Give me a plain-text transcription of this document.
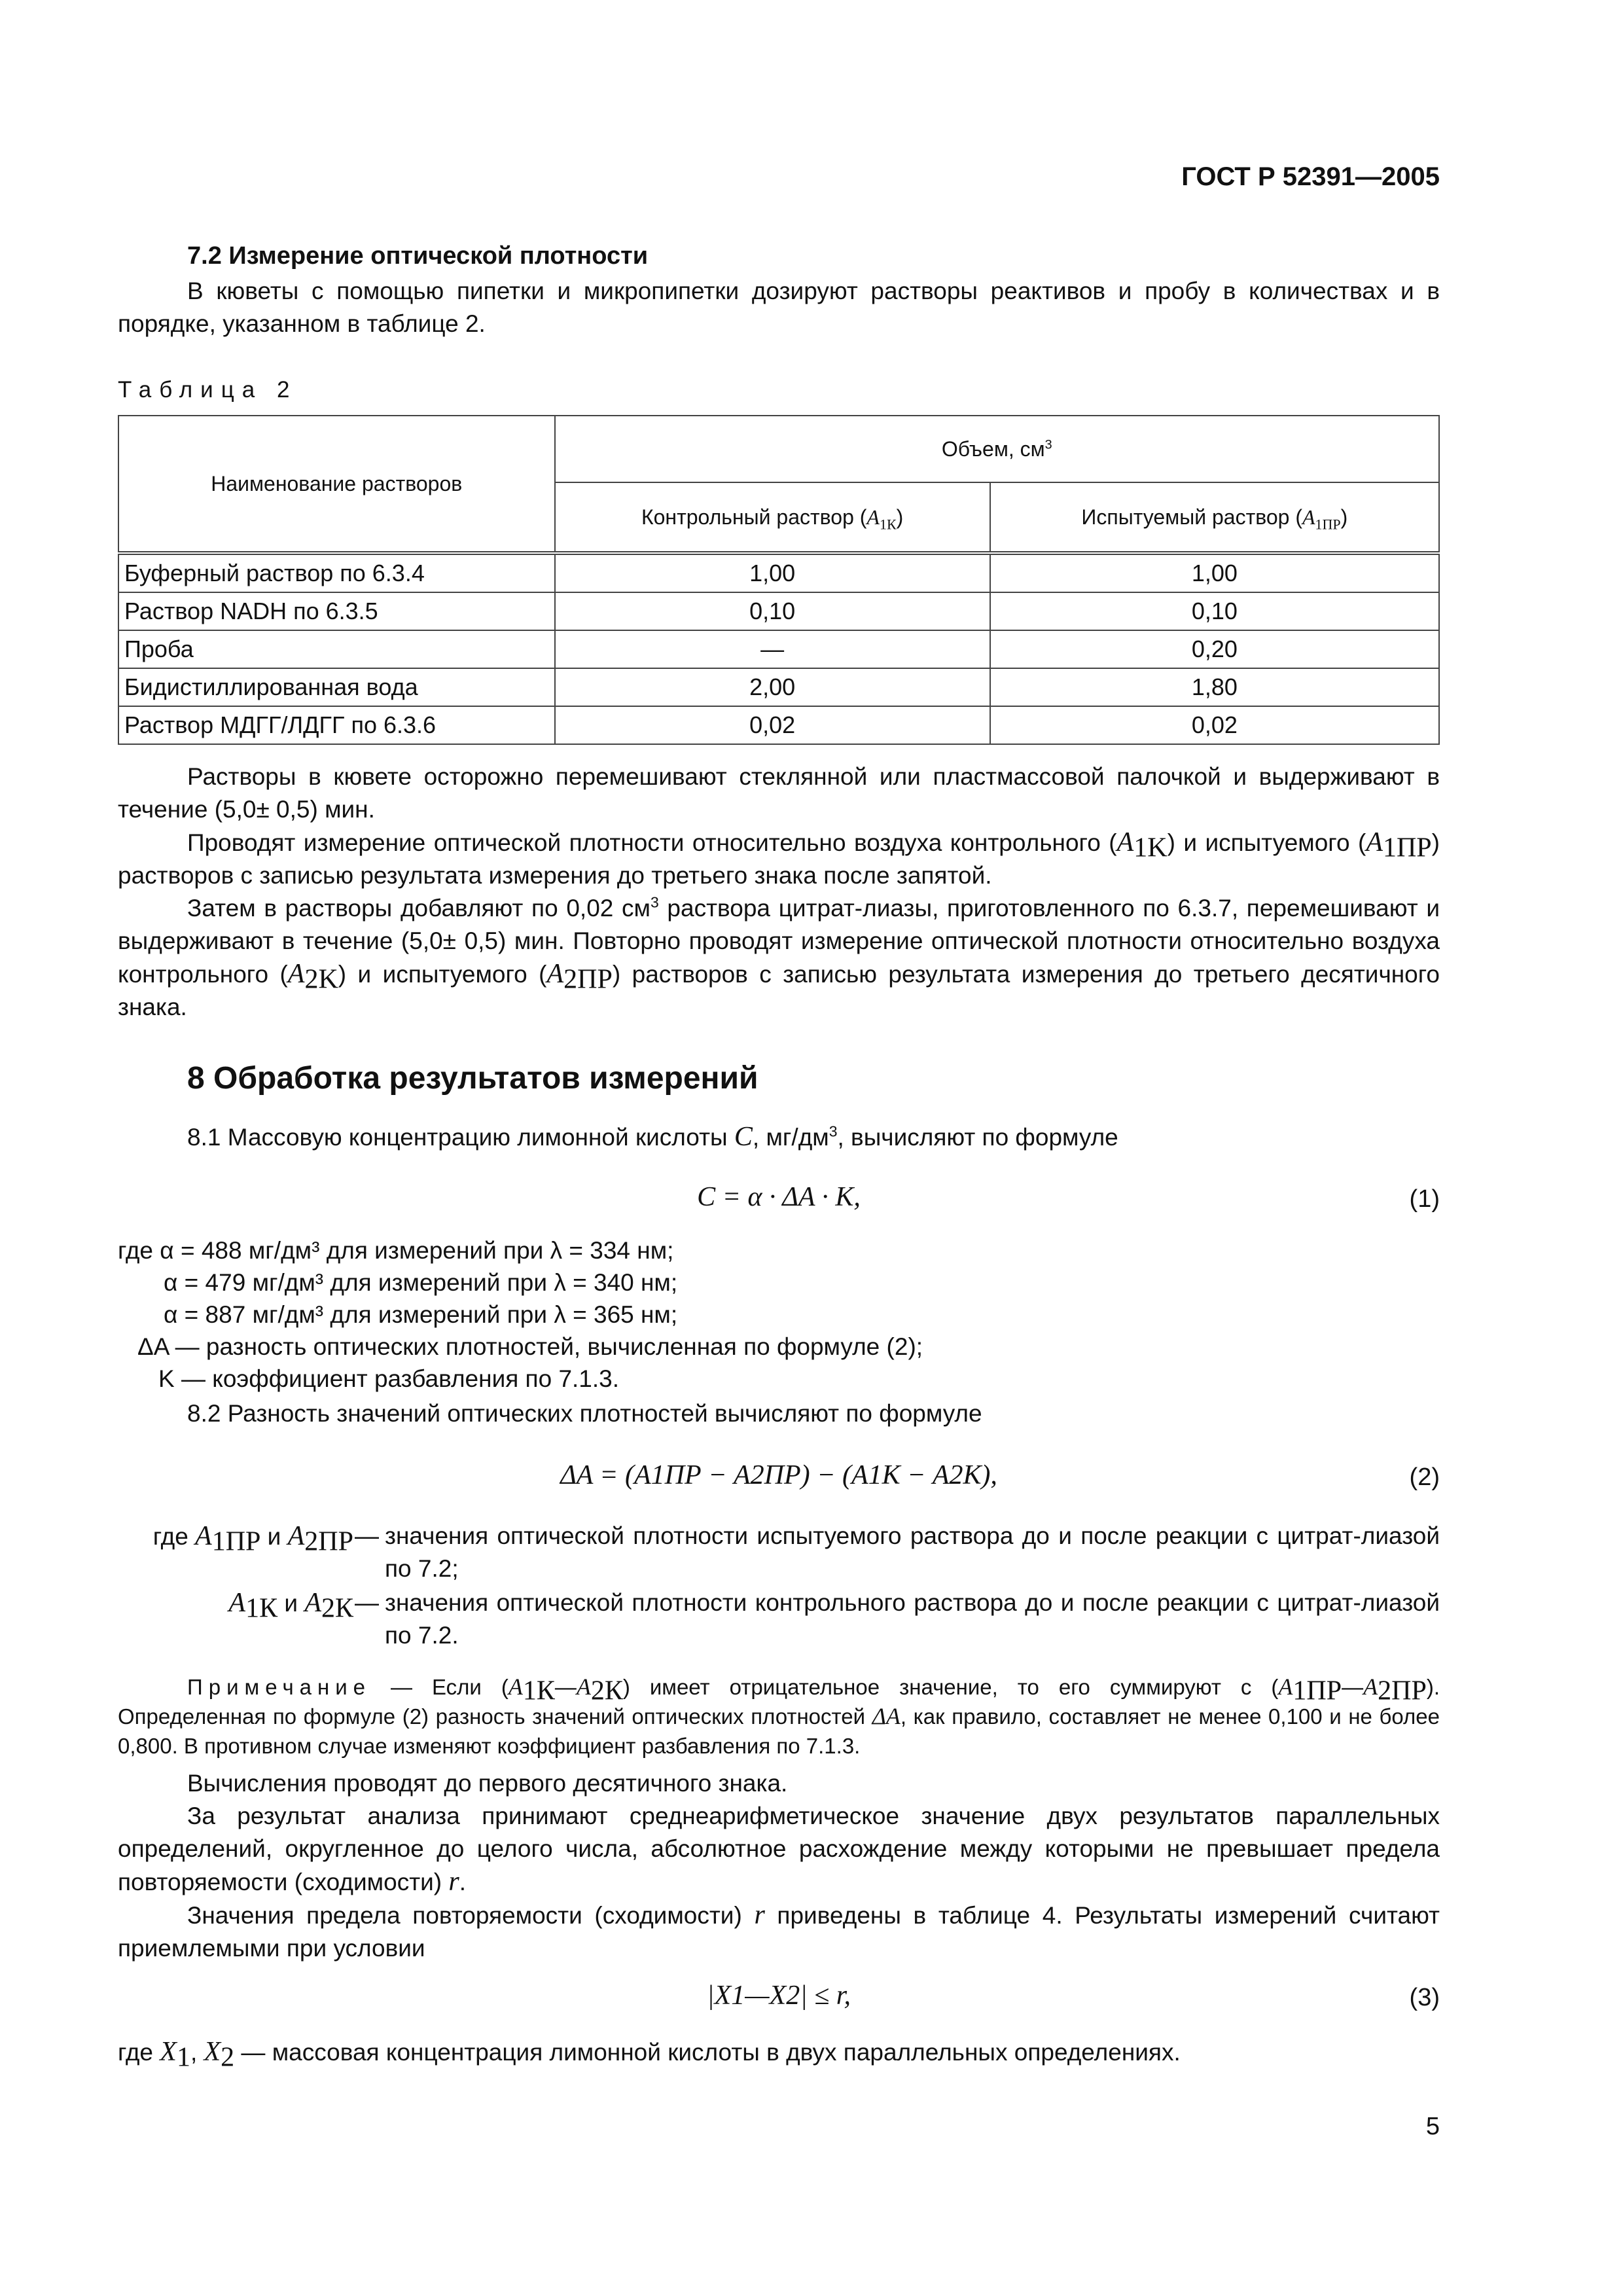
ГОСТ Р 52391—2005
7.2 Измерение оптической плотности

В кюветы с помощью пипетки и микропипетки дозируют растворы реактивов и пробу в количествах и в порядке, указанном в таблице 2.

Таблица 2
Наименование растворов	Объем, $см^3$
	Контрольный раствор $(A_{1К})$	Испытуемый раствор $(A_{1ПР})$
Буферный раствор по 6.3.4	1,00	1,00
Раствор NADH по 6.3.5	0,10	0,10
Проба	—	0,20
Бидистиллированная вода	2,00	1,80
Раствор МДГГ/ЛДГГ по 6.3.6	0,02	0,02

Растворы в кювете осторожно перемешивают стеклянной или пластмассовой палочкой и выдерживают в течение (5,0± 0,5) мин.

Проводят измерение оптической плотности относительно воздуха контрольного $(A_{1K})$ и испытуемого $(A_{1ПР})$ растворов с записью результата измерения до третьего знака после запятой.

Затем в растворы добавляют по 0,02 $см^3$ раствора цитрат-лиазы, приготовленного по 6.3.7, перемешивают и выдерживают в течение (5,0± 0,5) мин. Повторно проводят измерение оптической плотности относительно воздуха контрольного $(A_{2K})$ и испытуемого $(A_{2ПР})$ растворов с записью результата измерения до третьего десятичного знака.

8 Обработка результатов измерений

8.1 Массовую концентрацию лимонной кислоты C, $мг/дм^3$, вычисляют по формуле

C = α · ΔA · K,	(1)
где α = 488 мг/дм³ для измерений при λ = 334 нм;
α = 479 мг/дм³ для измерений при λ = 340 нм;
α = 887 мг/дм³ для измерений при λ = 365 нм;
ΔA — разность оптических плотностей, вычисленная по формуле (2);
K — коэффициент разбавления по 7.1.3.

8.2 Разность значений оптических плотностей вычисляют по формуле

ΔA = (A1ПР − A2ПР) − (A1К − A2К),	(2)
где $A_{1ПР}$ и $A_{2ПР}$ — значения оптической плотности испытуемого раствора до и после реакции с цитрат-лиазой по 7.2;
$A_{1К}$ и $A_{2К}$ — значения оптической плотности контрольного раствора до и после реакции с цитрат-лиазой по 7.2.

Примечание — Если $(A_{1К}—A_{2К})$ имеет отрицательное значение, то его суммируют с $(A_{1ПР}—A_{2ПР})$. Определенная по формуле (2) разность значений оптических плотностей ΔA, как правило, составляет не менее 0,100 и не более 0,800. В противном случае изменяют коэффициент разбавления по 7.1.3.

Вычисления проводят до первого десятичного знака.

За результат анализа принимают среднеарифметическое значение двух результатов параллельных определений, округленное до целого числа, абсолютное расхождение между которыми не превышает предела повторяемости (сходимости) r.

Значения предела повторяемости (сходимости) r приведены в таблице 4. Результаты измерений считают приемлемыми при условии

|X1—X2| ≤ r,	(3)

где $X_1$, $X_2$ — массовая концентрация лимонной кислоты в двух параллельных определениях.

5
